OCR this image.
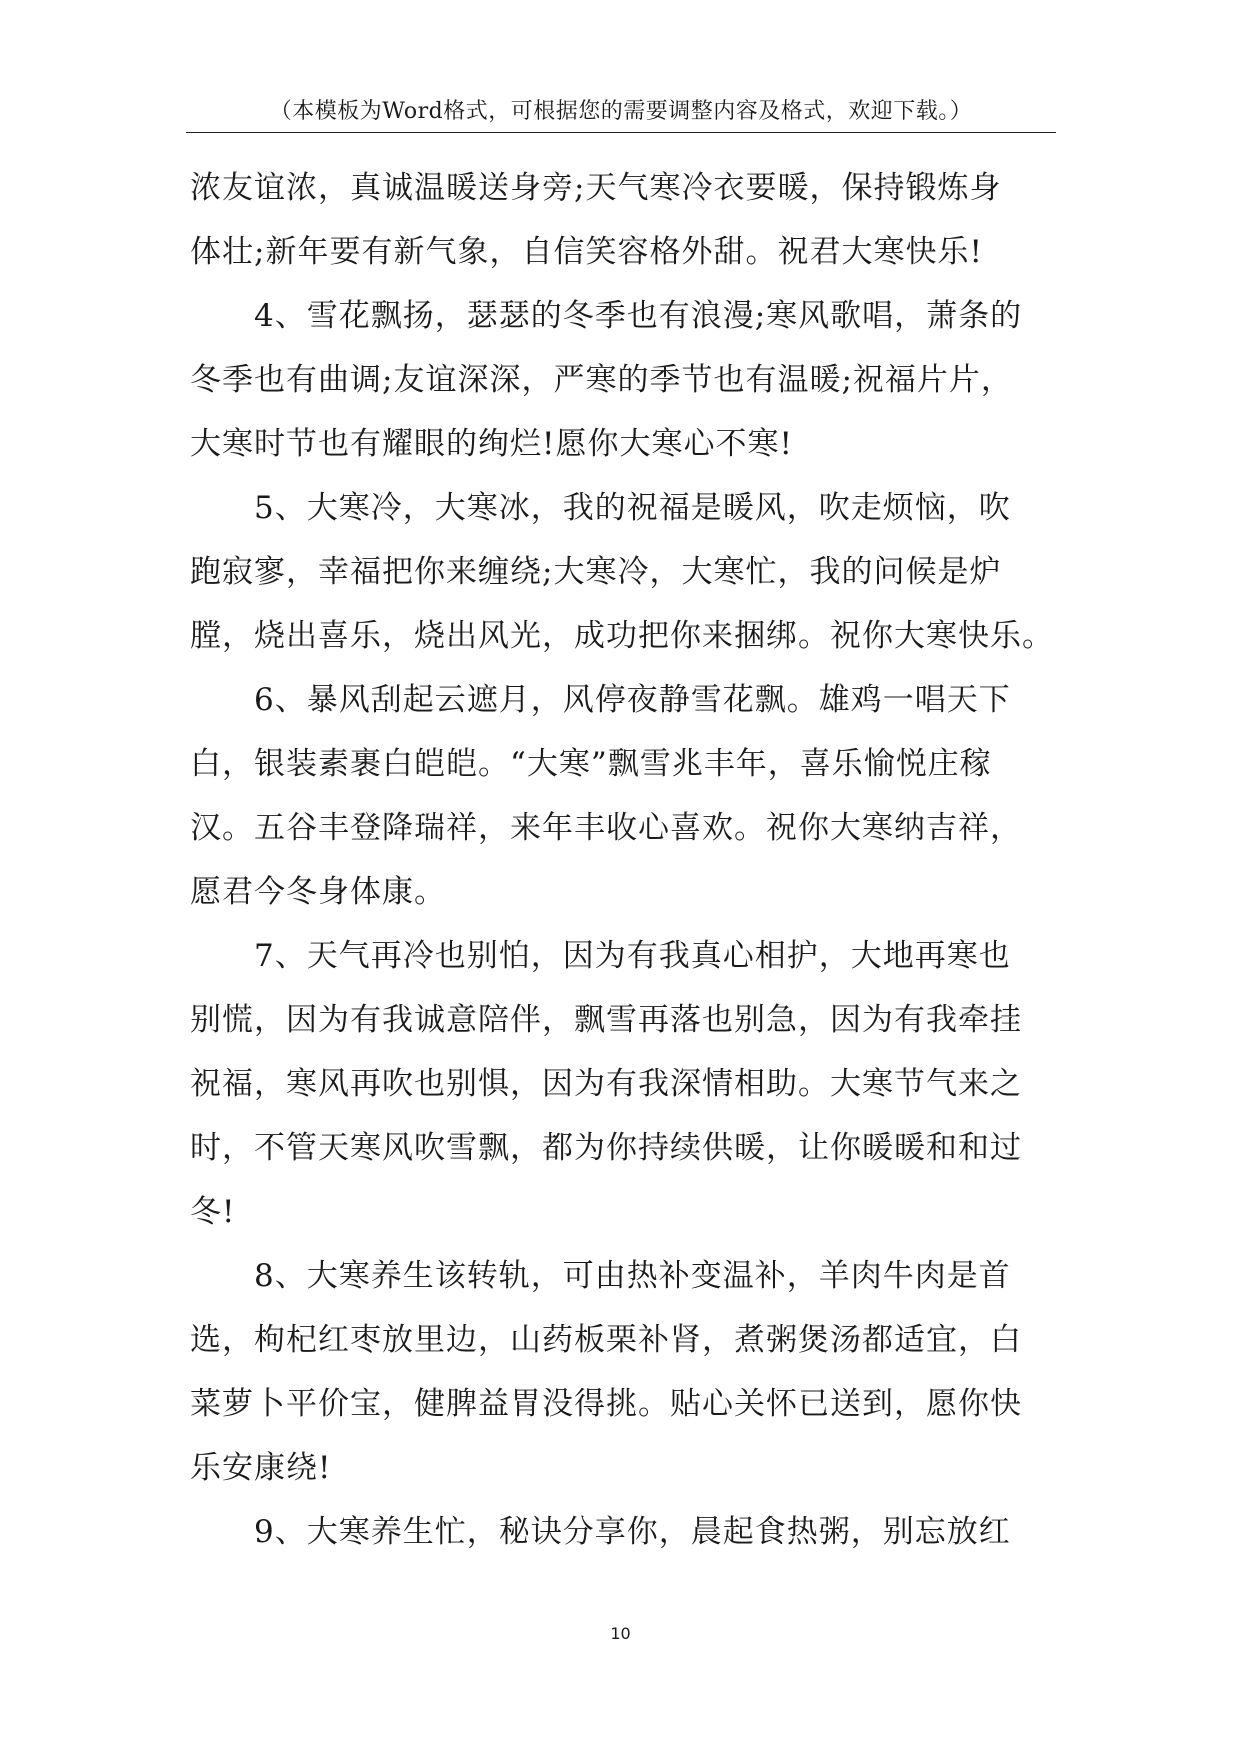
（本模板为Word格式，可根据您的需要调整内容及格式，欢迎下载。）
浓友谊浓，真诚温暖送身旁;天气寒冷衣要暖，保持锻炼身
体壮;新年要有新气象，自信笑容格外甜。祝君大寒快乐!
4、雪花飘扬，瑟瑟的冬季也有浪漫;寒风歌唱，萧条的
冬季也有曲调;友谊深深，严寒的季节也有温暖;祝福片片，
大寒时节也有耀眼的绚烂!愿你大寒心不寒!
5、大寒冷，大寒冰，我的祝福是暖风，吹走烦恼，吹
跑寂寥，幸福把你来缠绕;大寒冷，大寒忙，我的问候是炉
膛，烧出喜乐，烧出风光，成功把你来捆绑。祝你大寒快乐。
6、暴风刮起云遮月，风停夜静雪花飘。雄鸡一唱天下
白，银装素裹白皑皑。“大寒”飘雪兆丰年，喜乐愉悦庄稼
汉。五谷丰登降瑞祥，来年丰收心喜欢。祝你大寒纳吉祥，
愿君今冬身体康。
7、天气再冷也别怕，因为有我真心相护，大地再寒也
别慌，因为有我诚意陪伴，飘雪再落也别急，因为有我牵挂
祝福，寒风再吹也别惧，因为有我深情相助。大寒节气来之
时，不管天寒风吹雪飘，都为你持续供暖，让你暖暖和和过
冬!
8、大寒养生该转轨，可由热补变温补，羊肉牛肉是首
选，枸杞红枣放里边，山药板栗补肾，煮粥煲汤都适宜，白
菜萝卜平价宝，健脾益胃没得挑。贴心关怀已送到，愿你快
乐安康绕!
9、大寒养生忙，秘诀分享你，晨起食热粥，别忘放红
10
